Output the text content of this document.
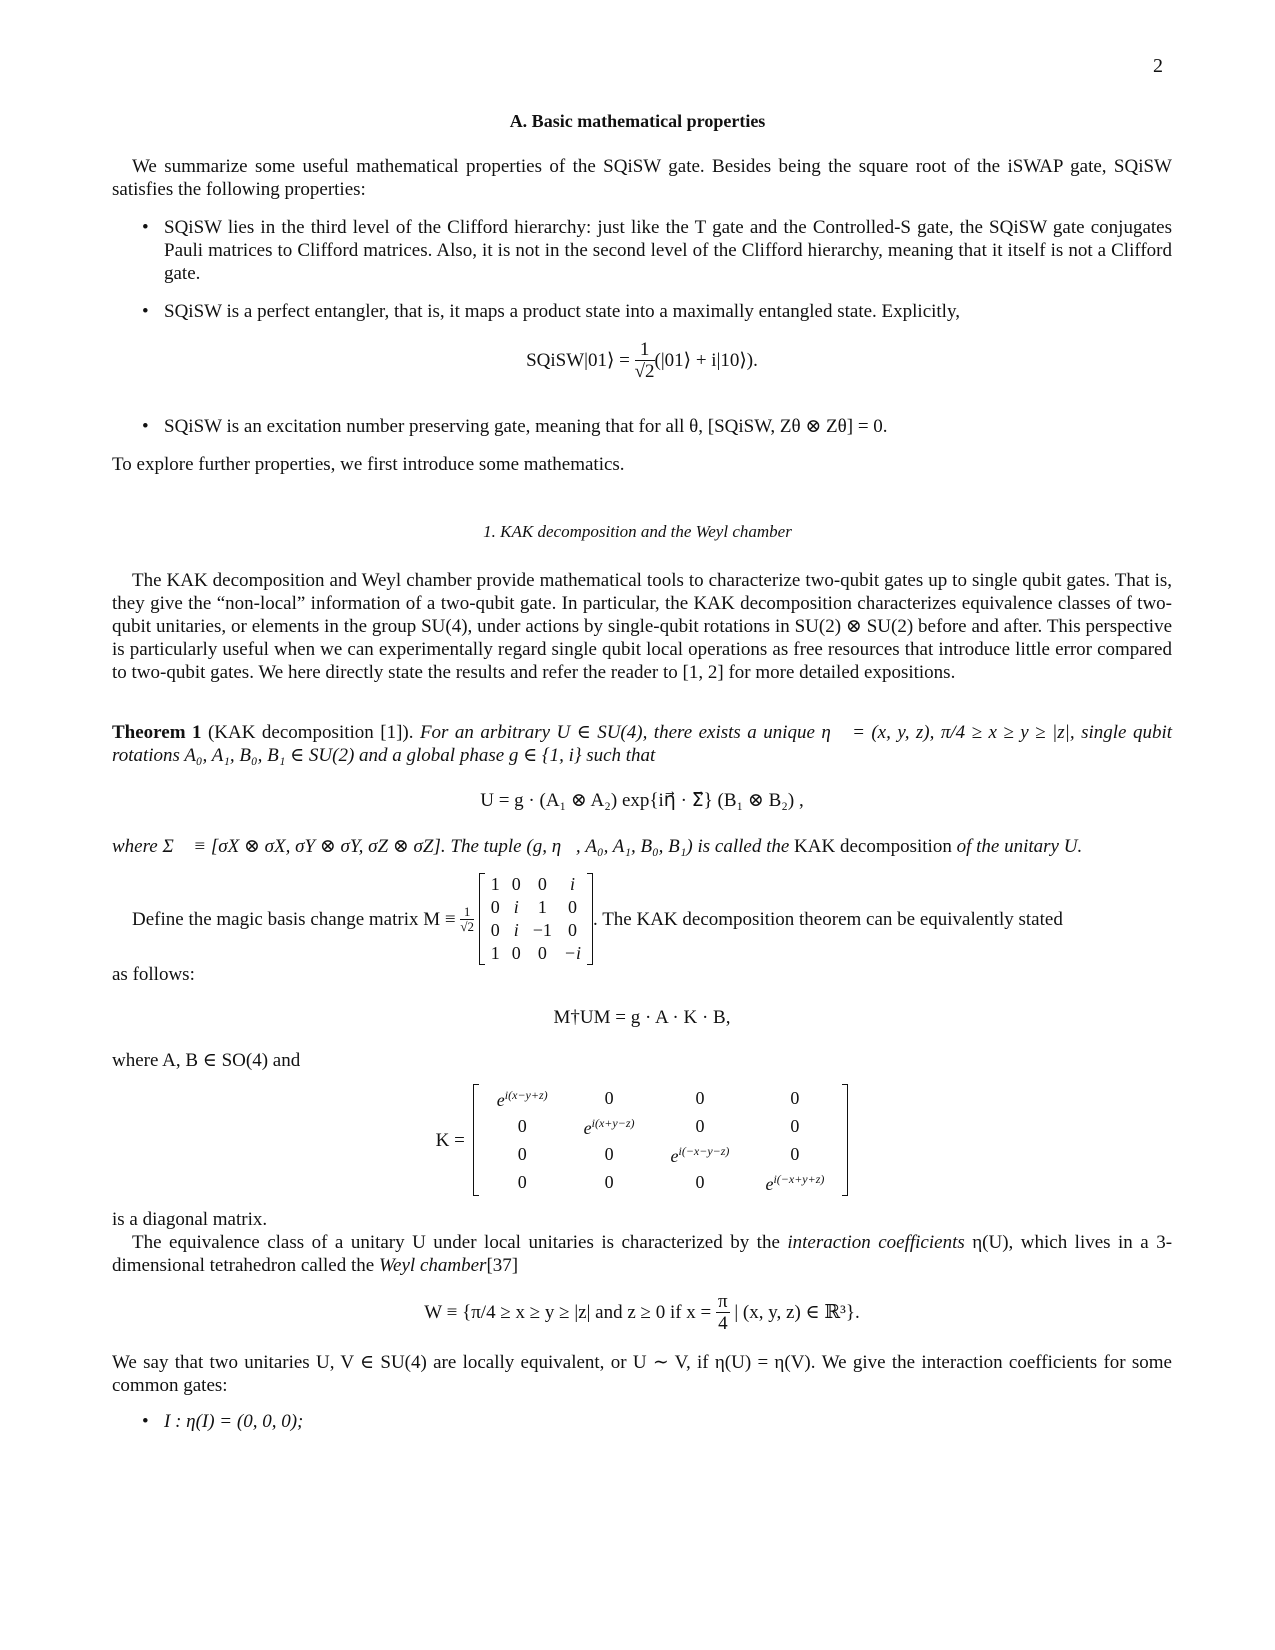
2
A. Basic mathematical properties
We summarize some useful mathematical properties of the SQiSW gate. Besides being the square root of the iSWAP gate, SQiSW satisfies the following properties:
• SQiSW lies in the third level of the Clifford hierarchy: just like the T gate and the Controlled-S gate, the SQiSW gate conjugates Pauli matrices to Clifford matrices. Also, it is not in the second level of the Clifford hierarchy, meaning that it itself is not a Clifford gate.
• SQiSW is a perfect entangler, that is, it maps a product state into a maximally entangled state. Explicitly,
SQiSW|01⟩ = $\frac{1}{√2}$ (|01⟩ + i|10⟩).
• SQiSW is an excitation number preserving gate, meaning that for all θ, [SQiSW, Zθ ⊗ Zθ] = 0.
To explore further properties, we first introduce some mathematics.
1. KAK decomposition and the Weyl chamber
The KAK decomposition and Weyl chamber provide mathematical tools to characterize two-qubit gates up to single qubit gates. That is, they give the “non-local” information of a two-qubit gate. In particular, the KAK decomposition characterizes equivalence classes of two-qubit unitaries, or elements in the group SU(4), under actions by single-qubit rotations in SU(2) ⊗ SU(2) before and after. This perspective is particularly useful when we can experimentally regard single qubit local operations as free resources that introduce little error compared to two-qubit gates. We here directly state the results and refer the reader to [1, 2] for more detailed expositions.
Theorem 1 (KAK decomposition [1]). For an arbitrary U ∈ SU(4), there exists a unique η⃗ = (x, y, z), π/4 ≥ x ≥ y ≥ |z|, single qubit rotations A₀, A₁, B₀, B₁ ∈ SU(2) and a global phase g ∈ {1, i} such that
U = g · (A₁ ⊗ A₂) exp{iη⃗ · Σ⃗} (B₁ ⊗ B₂) ,
where Σ⃗ ≡ [σX ⊗ σX, σY ⊗ σY, σZ ⊗ σZ]. The tuple (g, η⃗, A₀, A₁, B₀, B₁) is called the KAK decomposition of the unitary U.
Define the magic basis change matrix M ≡
$\frac{1}{√2}$

1	0	0	i
0	i	1	0
0	i	−1	0
1	0	0	−i
. The KAK decomposition theorem can be equivalently stated
as follows:
M†UM = g · A · K · B,
where A, B ∈ SO(4) and
K =
$e^{i(x-y+z)}$	0	0	0
0	$e^{i(x+y-z)}$	0	0
0	0	$e^{i(-x-y-z)}$	0
0	0	0	$e^{i(-x+y+z)}$
is a diagonal matrix.
The equivalence class of a unitary U under local unitaries is characterized by the interaction coefficients η(U), which lives in a 3-dimensional tetrahedron called the Weyl chamber[37]
W ≡ {π/4 ≥ x ≥ y ≥ |z| and z ≥ 0 if $x = \frac{\pi}{4}$ | (x, y, z) ∈ ℝ³}.
We say that two unitaries U, V ∈ SU(4) are locally equivalent, or U ∼ V, if η(U) = η(V). We give the interaction coefficients for some common gates:
• I : η(I) = (0, 0, 0);
